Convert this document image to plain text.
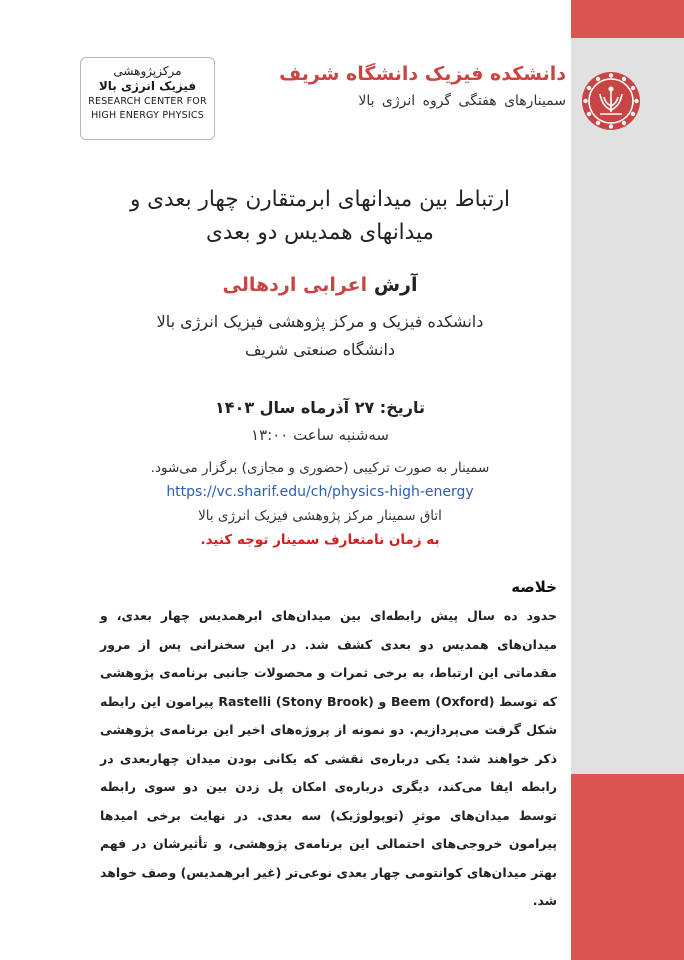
مرکزپژوهشی
فیزیک انرژی بالا
RESEARCH CENTER FOR
HIGH ENERGY PHYSICS
دانشکده فیزیک دانشگاه شریف
سمینارهای هفتگی گروه انرژی بالا
ارتباط بین میدانهای ابرمتقارن چهار بعدی و
میدانهای همدیس دو بعدی
آرش اعرابی اردهالی
دانشکده فیزیک و مرکز پژوهشی فیزیک انرژی بالا
دانشگاه صنعتی شریف
تاریخ: ۲۷ آذرماه سال ۱۴۰۳
سه‌شنبه ساعت ۱۳:۰۰
سمینار به صورت ترکیبی (حضوری و مجازی) برگزار می‌شود.
https://vc.sharif.edu/ch/physics-high-energy
اتاق سمینار مرکز پژوهشی فیزیک انرژی بالا
به زمان نامتعارف سمینار توجه کنید.
خلاصه
حدود ده سال پیش رابطه‌ای بین میدان‌های ابرهمدیس چهار بعدی، و میدان‌های همدیس دو بعدی کشف شد. در این سخنرانی پس از مرور مقدماتی این ارتباط، به برخی ثمرات و محصولات جانبی برنامه‌ی پژوهشی که توسط Beem (Oxford) و Rastelli (Stony Brook) پیرامون این رابطه شکل گرفت می‌پردازیم. دو نمونه از پروژه‌های اخیر این برنامه‌ی پژوهشی ذکر خواهند شد: یکی درباره‌ی نقشی که یکانی بودن میدان چهاربعدی در رابطه ایفا می‌کند، دیگری درباره‌ی امکان پل زدن بین دو سوی رابطه توسط میدان‌های موثرِ (توپولوژیک) سه بعدی. در نهایت برخی امیدها پیرامون خروجی‌های احتمالی این برنامه‌ی پژوهشی، و تأثیرشان در فهم بهتر میدان‌های کوانتومی چهار بعدی نوعی‌تر (غیر ابرهمدیس) وصف خواهد شد.
